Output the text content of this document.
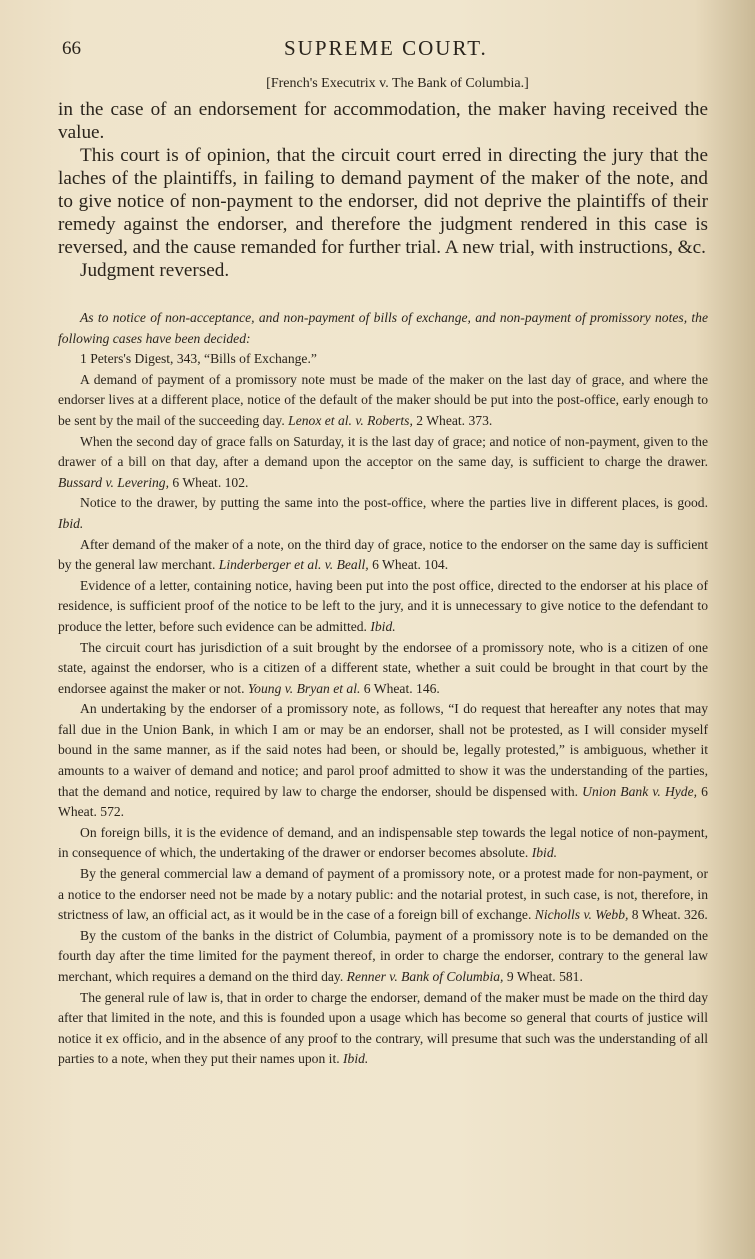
66	SUPREME COURT.
[French's Executrix v. The Bank of Columbia.]

in the case of an endorsement for accommodation, the maker having received the value.

This court is of opinion, that the circuit court erred in directing the jury that the laches of the plaintiffs, in failing to demand payment of the maker of the note, and to give notice of non-payment to the endorser, did not deprive the plaintiffs of their remedy against the endorser, and therefore the judgment rendered in this case is reversed, and the cause remanded for further trial. A new trial, with instructions, &c.

Judgment reversed.

As to notice of non-acceptance, and non-payment of bills of exchange, and non-payment of promissory notes, the following cases have been decided:

1 Peters's Digest, 343, “Bills of Exchange.”

A demand of payment of a promissory note must be made of the maker on the last day of grace, and where the endorser lives at a different place, notice of the default of the maker should be put into the post-office, early enough to be sent by the mail of the succeeding day. Lenox et al. v. Roberts, 2 Wheat. 373.

When the second day of grace falls on Saturday, it is the last day of grace; and notice of non-payment, given to the drawer of a bill on that day, after a demand upon the acceptor on the same day, is sufficient to charge the drawer. Bussard v. Levering, 6 Wheat. 102.

Notice to the drawer, by putting the same into the post-office, where the parties live in different places, is good. Ibid.

After demand of the maker of a note, on the third day of grace, notice to the endorser on the same day is sufficient by the general law merchant. Linderberger et al. v. Beall, 6 Wheat. 104.

Evidence of a letter, containing notice, having been put into the post office, directed to the endorser at his place of residence, is sufficient proof of the notice to be left to the jury, and it is unnecessary to give notice to the defendant to produce the letter, before such evidence can be admitted. Ibid.

The circuit court has jurisdiction of a suit brought by the endorsee of a promissory note, who is a citizen of one state, against the endorser, who is a citizen of a different state, whether a suit could be brought in that court by the endorsee against the maker or not. Young v. Bryan et al. 6 Wheat. 146.

An undertaking by the endorser of a promissory note, as follows, “I do request that hereafter any notes that may fall due in the Union Bank, in which I am or may be an endorser, shall not be protested, as I will consider myself bound in the same manner, as if the said notes had been, or should be, legally protested,” is ambiguous, whether it amounts to a waiver of demand and notice; and parol proof admitted to show it was the understanding of the parties, that the demand and notice, required by law to charge the endorser, should be dispensed with. Union Bank v. Hyde, 6 Wheat. 572.

On foreign bills, it is the evidence of demand, and an indispensable step towards the legal notice of non-payment, in consequence of which, the undertaking of the drawer or endorser becomes absolute. Ibid.

By the general commercial law a demand of payment of a promissory note, or a protest made for non-payment, or a notice to the endorser need not be made by a notary public: and the notarial protest, in such case, is not, therefore, in strictness of law, an official act, as it would be in the case of a foreign bill of exchange. Nicholls v. Webb, 8 Wheat. 326.

By the custom of the banks in the district of Columbia, payment of a promissory note is to be demanded on the fourth day after the time limited for the payment thereof, in order to charge the endorser, contrary to the general law merchant, which requires a demand on the third day. Renner v. Bank of Columbia, 9 Wheat. 581.

The general rule of law is, that in order to charge the endorser, demand of the maker must be made on the third day after that limited in the note, and this is founded upon a usage which has become so general that courts of justice will notice it ex officio, and in the absence of any proof to the contrary, will presume that such was the understanding of all parties to a note, when they put their names upon it. Ibid.
